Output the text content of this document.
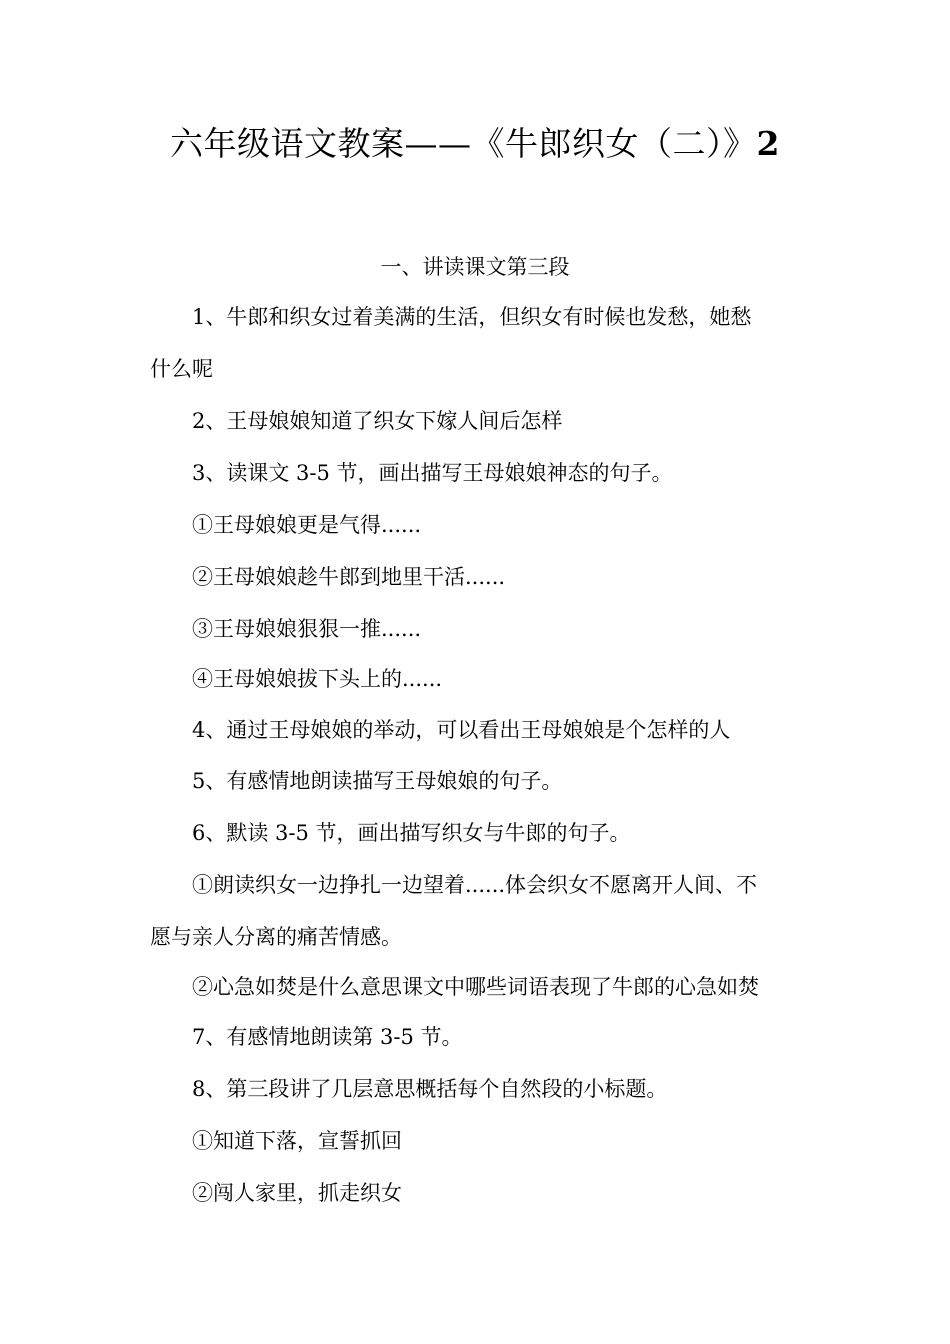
六年级语文教案——《牛郎织女（二）》2
一、讲读课文第三段
1、牛郎和织女过着美满的生活，但织女有时候也发愁，她愁
什么呢
2、王母娘娘知道了织女下嫁人间后怎样
3、读课文 3-5 节，画出描写王母娘娘神态的句子。
①王母娘娘更是气得......
②王母娘娘趁牛郎到地里干活......
③王母娘娘狠狠一推......
④王母娘娘拔下头上的......
4、通过王母娘娘的举动，可以看出王母娘娘是个怎样的人
5、有感情地朗读描写王母娘娘的句子。
6、默读 3-5 节，画出描写织女与牛郎的句子。
①朗读织女一边挣扎一边望着......体会织女不愿离开人间、不
愿与亲人分离的痛苦情感。
②心急如焚是什么意思课文中哪些词语表现了牛郎的心急如焚
7、有感情地朗读第 3-5 节。
8、第三段讲了几层意思概括每个自然段的小标题。
①知道下落，宣誓抓回
②闯人家里，抓走织女
